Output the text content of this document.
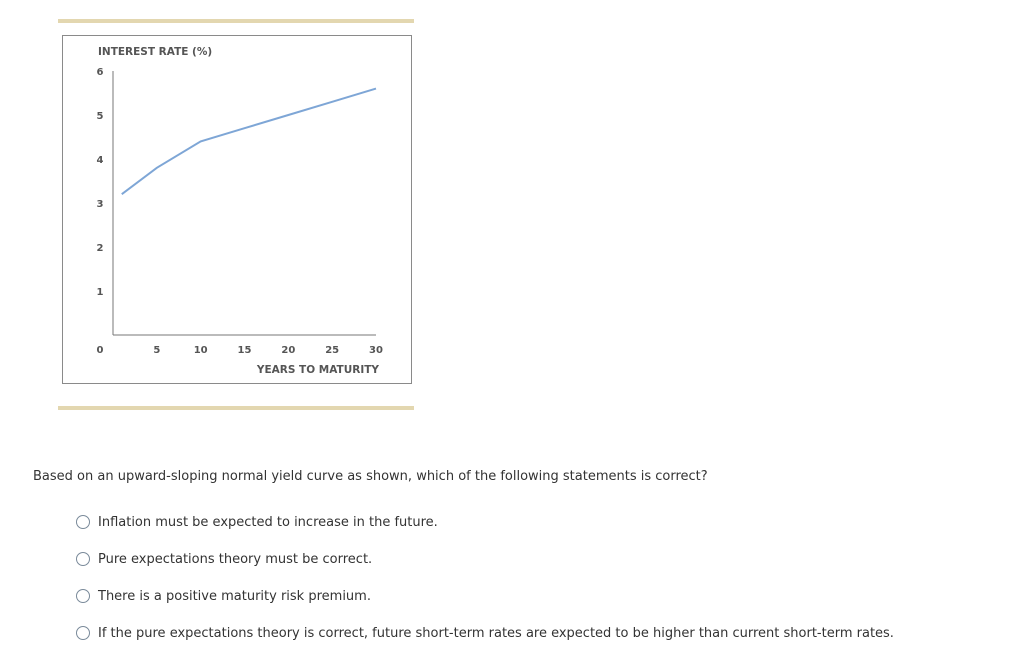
INTEREST RATE (%)
YEARS TO MATURITY
0	5	10	15	20	25	30
1
2
3
4
5
6
Based on an upward-sloping normal yield curve as shown, which of the following statements is correct?
Inflation must be expected to increase in the future.
Pure expectations theory must be correct.
There is a positive maturity risk premium.
If the pure expectations theory is correct, future short-term rates are expected to be higher than current short-term rates.
